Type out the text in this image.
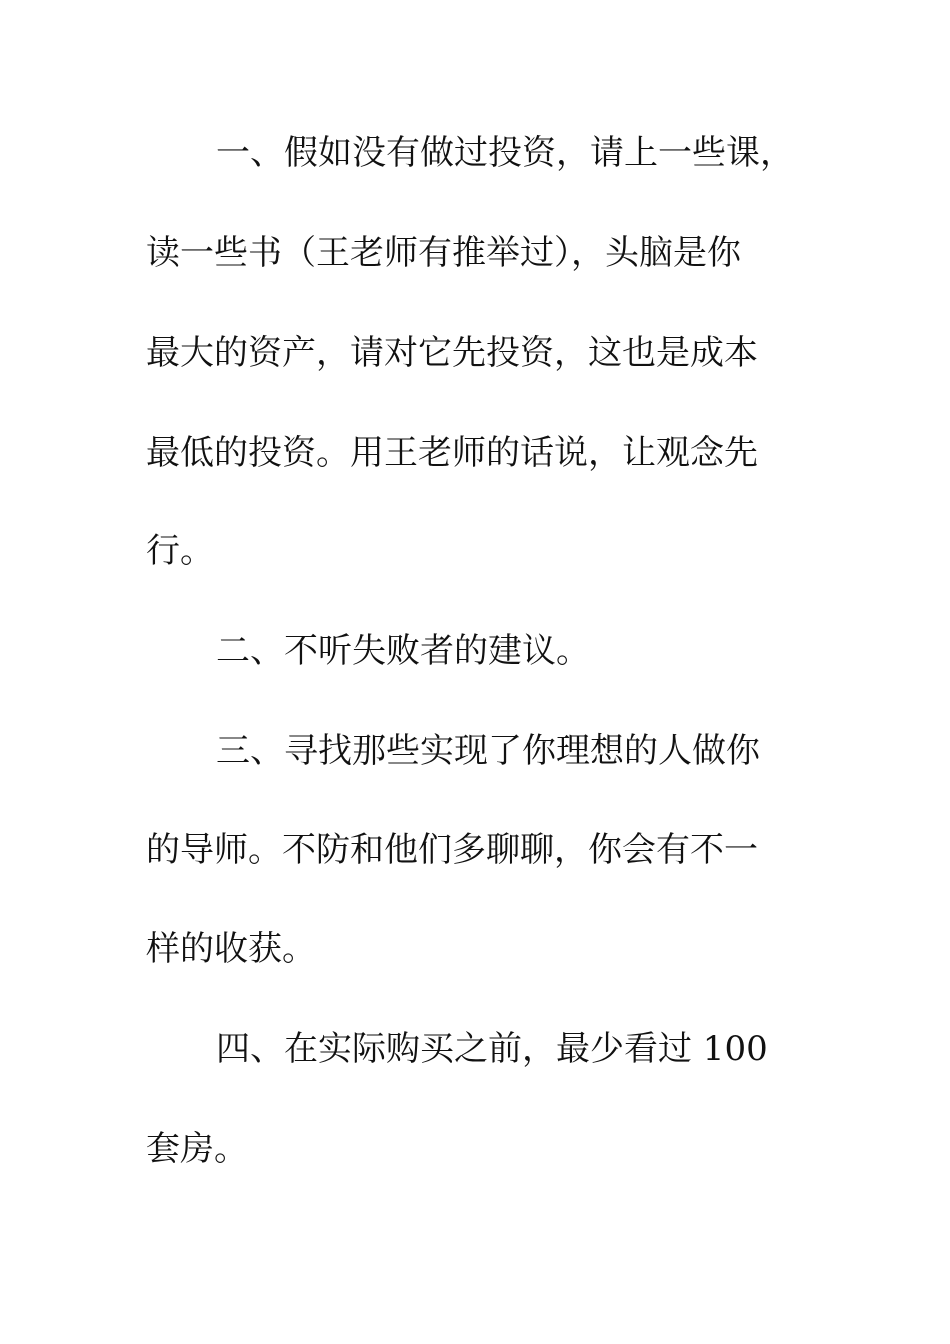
一、假如没有做过投资，请上一些课，
读一些书（王老师有推举过），头脑是你
最大的资产，请对它先投资，这也是成本
最低的投资。用王老师的话说，让观念先
行。
二、不听失败者的建议。
三、寻找那些实现了你理想的人做你
的导师。不防和他们多聊聊，你会有不一
样的收获。
四、在实际购买之前，最少看过 100
套房。
